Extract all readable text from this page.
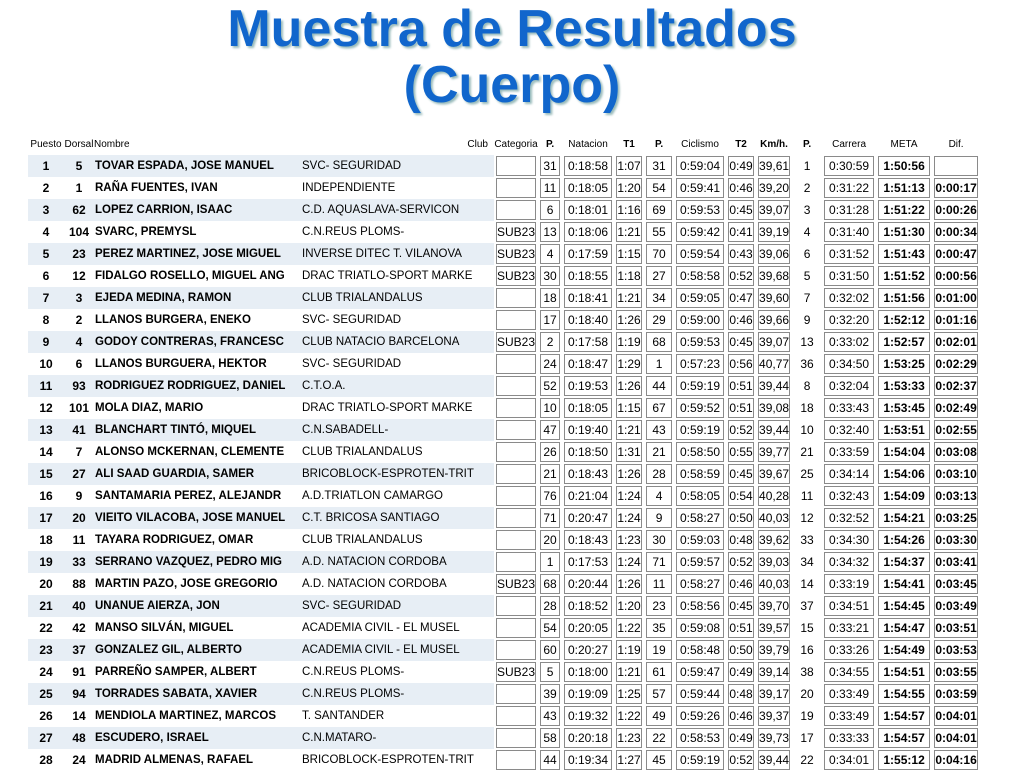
Muestra de Resultados
(Cuerpo)
Puesto	Dorsal	Nombre	Club	Categoria	P.	Natacion	T1	P.	Ciclismo	T2	Km/h.	P.	Carrera	META	Dif.

1	5	TOVAR ESPADA, JOSE MANUEL	SVC- SEGURIDAD		31	0:18:58	1:07	31	0:59:04	0:49	39,61	1	0:30:59	1:50:56	

2	1	RAÑA FUENTES, IVAN	INDEPENDIENTE		11	0:18:05	1:20	54	0:59:41	0:46	39,20	2	0:31:22	1:51:13	0:00:17

3	62	LOPEZ CARRION, ISAAC	C.D. AQUASLAVA-SERVICON		6	0:18:01	1:16	69	0:59:53	0:45	39,07	3	0:31:28	1:51:22	0:00:26

4	104	SVARC, PREMYSL	C.N.REUS PLOMS-	SUB23	13	0:18:06	1:21	55	0:59:42	0:41	39,19	4	0:31:40	1:51:30	0:00:34

5	23	PEREZ MARTINEZ, JOSE MIGUEL	INVERSE DITEC T. VILANOVA	SUB23	4	0:17:59	1:15	70	0:59:54	0:43	39,06	6	0:31:52	1:51:43	0:00:47

6	12	FIDALGO ROSELLO, MIGUEL ANG	DRAC TRIATLO-SPORT MARKE	SUB23	30	0:18:55	1:18	27	0:58:58	0:52	39,68	5	0:31:50	1:51:52	0:00:56

7	3	EJEDA MEDINA, RAMON	CLUB TRIALANDALUS		18	0:18:41	1:21	34	0:59:05	0:47	39,60	7	0:32:02	1:51:56	0:01:00

8	2	LLANOS BURGERA, ENEKO	SVC- SEGURIDAD		17	0:18:40	1:26	29	0:59:00	0:46	39,66	9	0:32:20	1:52:12	0:01:16

9	4	GODOY CONTRERAS, FRANCESC	CLUB NATACIO BARCELONA	SUB23	2	0:17:58	1:19	68	0:59:53	0:45	39,07	13	0:33:02	1:52:57	0:02:01

10	6	LLANOS BURGUERA, HEKTOR	SVC- SEGURIDAD		24	0:18:47	1:29	1	0:57:23	0:56	40,77	36	0:34:50	1:53:25	0:02:29

11	93	RODRIGUEZ RODRIGUEZ, DANIEL	C.T.O.A.		52	0:19:53	1:26	44	0:59:19	0:51	39,44	8	0:32:04	1:53:33	0:02:37

12	101	MOLA DIAZ, MARIO	DRAC TRIATLO-SPORT MARKE		10	0:18:05	1:15	67	0:59:52	0:51	39,08	18	0:33:43	1:53:45	0:02:49

13	41	BLANCHART TINTÓ, MIQUEL	C.N.SABADELL-		47	0:19:40	1:21	43	0:59:19	0:52	39,44	10	0:32:40	1:53:51	0:02:55

14	7	ALONSO MCKERNAN, CLEMENTE	CLUB TRIALANDALUS		26	0:18:50	1:31	21	0:58:50	0:55	39,77	21	0:33:59	1:54:04	0:03:08

15	27	ALI SAAD GUARDIA, SAMER	BRICOBLOCK-ESPROTEN-TRIT		21	0:18:43	1:26	28	0:58:59	0:45	39,67	25	0:34:14	1:54:06	0:03:10

16	9	SANTAMARIA PEREZ, ALEJANDR	A.D.TRIATLON CAMARGO		76	0:21:04	1:24	4	0:58:05	0:54	40,28	11	0:32:43	1:54:09	0:03:13

17	20	VIEITO VILACOBA, JOSE MANUEL	C.T. BRICOSA SANTIAGO		71	0:20:47	1:24	9	0:58:27	0:50	40,03	12	0:32:52	1:54:21	0:03:25

18	11	TAYARA RODRIGUEZ, OMAR	CLUB TRIALANDALUS		20	0:18:43	1:23	30	0:59:03	0:48	39,62	33	0:34:30	1:54:26	0:03:30

19	33	SERRANO VAZQUEZ, PEDRO MIG	A.D. NATACION CORDOBA		1	0:17:53	1:24	71	0:59:57	0:52	39,03	34	0:34:32	1:54:37	0:03:41

20	88	MARTIN PAZO, JOSE GREGORIO	A.D. NATACION CORDOBA	SUB23	68	0:20:44	1:26	11	0:58:27	0:46	40,03	14	0:33:19	1:54:41	0:03:45

21	40	UNANUE AIERZA, JON	SVC- SEGURIDAD		28	0:18:52	1:20	23	0:58:56	0:45	39,70	37	0:34:51	1:54:45	0:03:49

22	42	MANSO SILVÁN, MIGUEL	ACADEMIA CIVIL - EL MUSEL		54	0:20:05	1:22	35	0:59:08	0:51	39,57	15	0:33:21	1:54:47	0:03:51

23	37	GONZALEZ GIL, ALBERTO	ACADEMIA CIVIL - EL MUSEL		60	0:20:27	1:19	19	0:58:48	0:50	39,79	16	0:33:26	1:54:49	0:03:53

24	91	PARREÑO SAMPER, ALBERT	C.N.REUS PLOMS-	SUB23	5	0:18:00	1:21	61	0:59:47	0:49	39,14	38	0:34:55	1:54:51	0:03:55

25	94	TORRADES SABATA, XAVIER	C.N.REUS PLOMS-		39	0:19:09	1:25	57	0:59:44	0:48	39,17	20	0:33:49	1:54:55	0:03:59

26	14	MENDIOLA MARTINEZ, MARCOS	T. SANTANDER		43	0:19:32	1:22	49	0:59:26	0:46	39,37	19	0:33:49	1:54:57	0:04:01

27	48	ESCUDERO, ISRAEL	C.N.MATARO-		58	0:20:18	1:23	22	0:58:53	0:49	39,73	17	0:33:33	1:54:57	0:04:01

28	24	MADRID ALMENAS, RAFAEL	BRICOBLOCK-ESPROTEN-TRIT		44	0:19:34	1:27	45	0:59:19	0:52	39,44	22	0:34:01	1:55:12	0:04:16
